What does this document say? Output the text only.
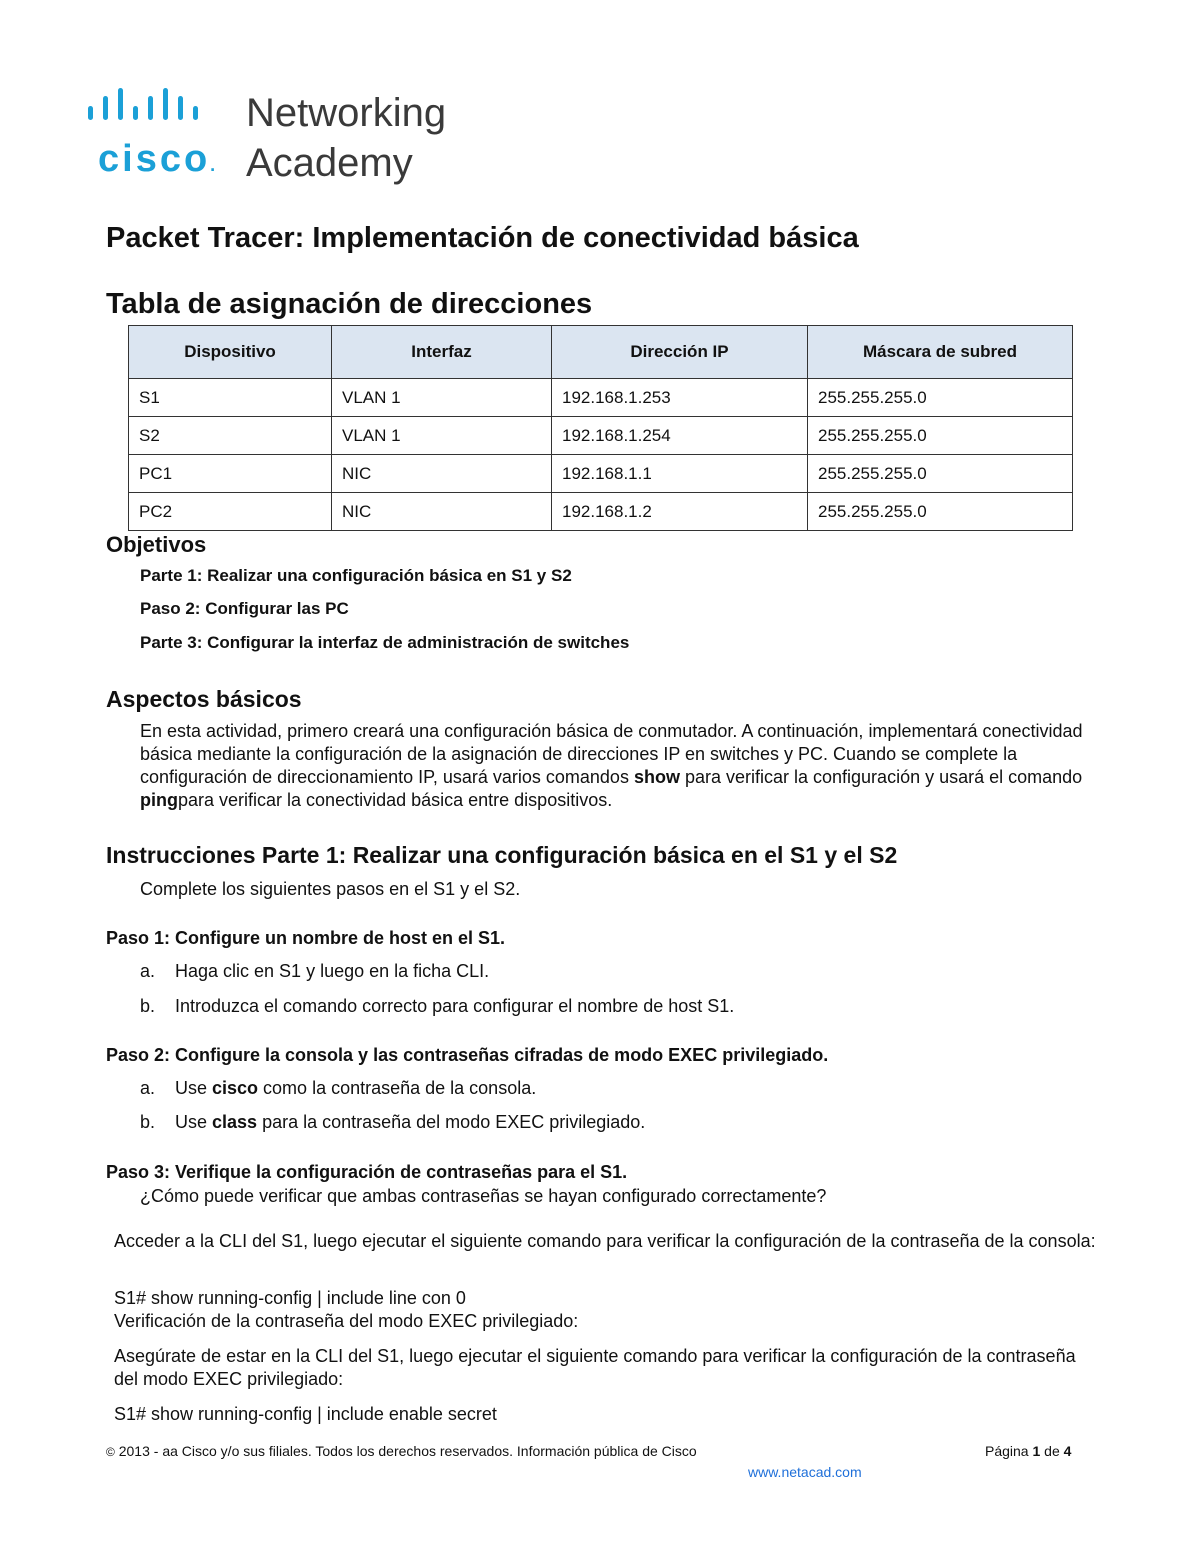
cisco.
Networking
Academy
Packet Tracer: Implementación de conectividad básica
Tabla de asignación de direcciones
Dispositivo	Interfaz	Dirección IP	Máscara de subred
S1	VLAN 1	192.168.1.253	255.255.255.0
S2	VLAN 1	192.168.1.254	255.255.255.0
PC1	NIC	192.168.1.1	255.255.255.0
PC2	NIC	192.168.1.2	255.255.255.0
Objetivos
Parte 1: Realizar una configuración básica en S1 y S2
Paso 2: Configurar las PC
Parte 3: Configurar la interfaz de administración de switches
Aspectos básicos
En esta actividad, primero creará una configuración básica de conmutador. A continuación, implementará conectividad básica mediante la configuración de la asignación de direcciones IP en switches y PC. Cuando se complete la configuración de direccionamiento IP, usará varios comandos show para verificar la configuración y usará el comando pingpara verificar la conectividad básica entre dispositivos.
Instrucciones Parte 1: Realizar una configuración básica en el S1 y el S2
Complete los siguientes pasos en el S1 y el S2.
Paso 1: Configure un nombre de host en el S1.
a. Haga clic en S1 y luego en la ficha CLI.
b. Introduzca el comando correcto para configurar el nombre de host S1.
Paso 2: Configure la consola y las contraseñas cifradas de modo EXEC privilegiado.
a. Use cisco como la contraseña de la consola.
b. Use class para la contraseña del modo EXEC privilegiado.
Paso 3: Verifique la configuración de contraseñas para el S1.
¿Cómo puede verificar que ambas contraseñas se hayan configurado correctamente?
Acceder a la CLI del S1, luego ejecutar el siguiente comando para verificar la configuración de la contraseña de la consola:
S1# show running-config | include line con 0
Verificación de la contraseña del modo EXEC privilegiado:
Asegúrate de estar en la CLI del S1, luego ejecutar el siguiente comando para verificar la configuración de la contraseña del modo EXEC privilegiado:
S1# show running-config | include enable secret
© 2013 - aa Cisco y/o sus filiales. Todos los derechos reservados. Información pública de Cisco	Página 1 de 4
www.netacad.com
